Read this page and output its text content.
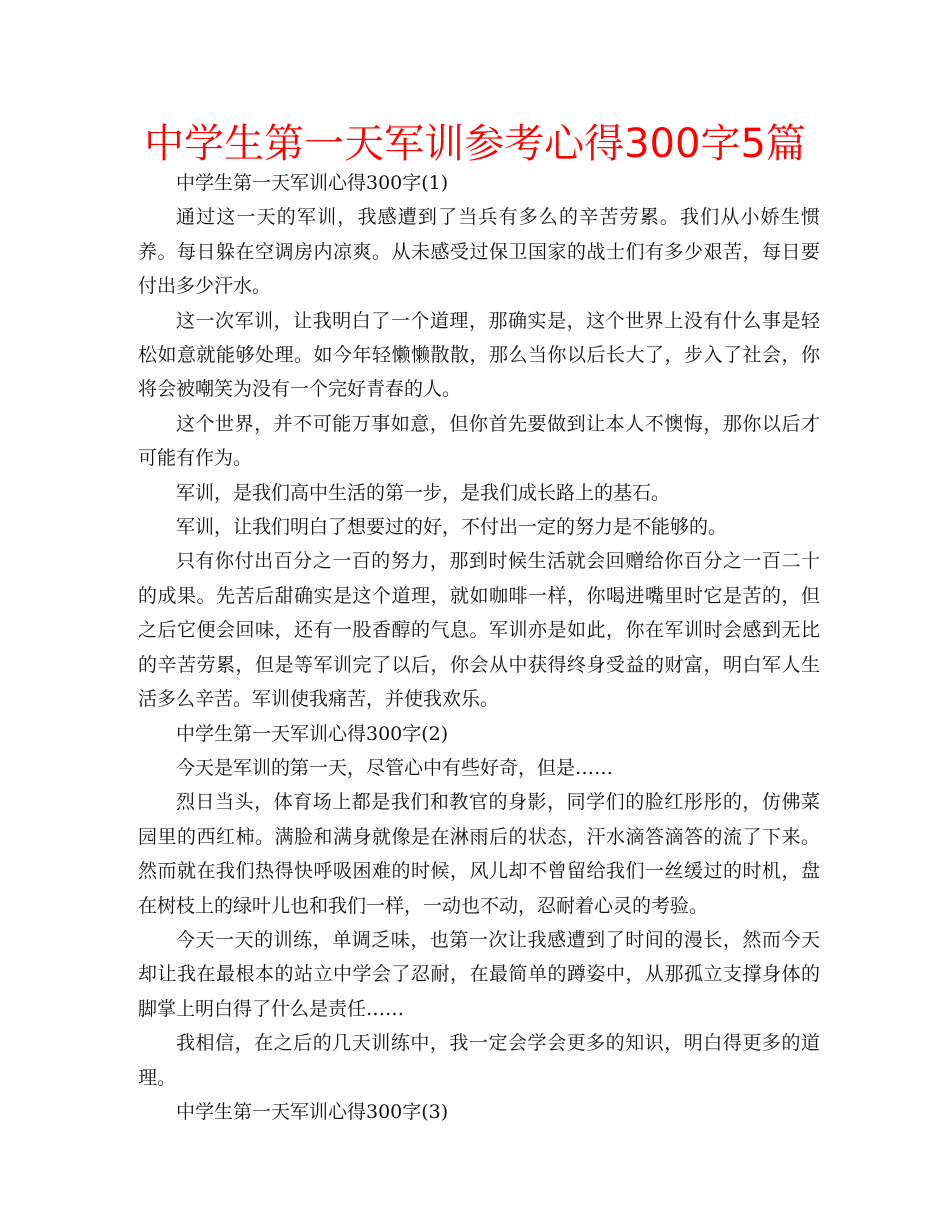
中学生第一天军训参考心得300字5篇

中学生第一天军训心得300字(1)

通过这一天的军训，我感遭到了当兵有多么的辛苦劳累。我们从小娇生惯养。每日躲在空调房内凉爽。从未感受过保卫国家的战士们有多少艰苦，每日要付出多少汗水。

这一次军训，让我明白了一个道理，那确实是，这个世界上没有什么事是轻松如意就能够处理。如今年轻懒懒散散，那么当你以后长大了，步入了社会，你将会被嘲笑为没有一个完好青春的人。

这个世界，并不可能万事如意，但你首先要做到让本人不懊悔，那你以后才可能有作为。

军训，是我们高中生活的第一步，是我们成长路上的基石。

军训，让我们明白了想要过的好，不付出一定的努力是不能够的。

只有你付出百分之一百的努力，那到时候生活就会回赠给你百分之一百二十的成果。先苦后甜确实是这个道理，就如咖啡一样，你喝进嘴里时它是苦的，但之后它便会回味，还有一股香醇的气息。军训亦是如此，你在军训时会感到无比的辛苦劳累，但是等军训完了以后，你会从中获得终身受益的财富，明白军人生活多么辛苦。军训使我痛苦，并使我欢乐。

中学生第一天军训心得300字(2)

今天是军训的第一天，尽管心中有些好奇，但是……

烈日当头，体育场上都是我们和教官的身影，同学们的脸红彤彤的，仿佛菜园里的西红柿。满脸和满身就像是在淋雨后的状态，汗水滴答滴答的流了下来。然而就在我们热得快呼吸困难的时候，风儿却不曾留给我们一丝缓过的时机，盘在树枝上的绿叶儿也和我们一样，一动也不动，忍耐着心灵的考验。

今天一天的训练，单调乏味，也第一次让我感遭到了时间的漫长，然而今天却让我在最根本的站立中学会了忍耐，在最简单的蹲姿中，从那孤立支撑身体的脚掌上明白得了什么是责任……

我相信，在之后的几天训练中，我一定会学会更多的知识，明白得更多的道理。

中学生第一天军训心得300字(3)
